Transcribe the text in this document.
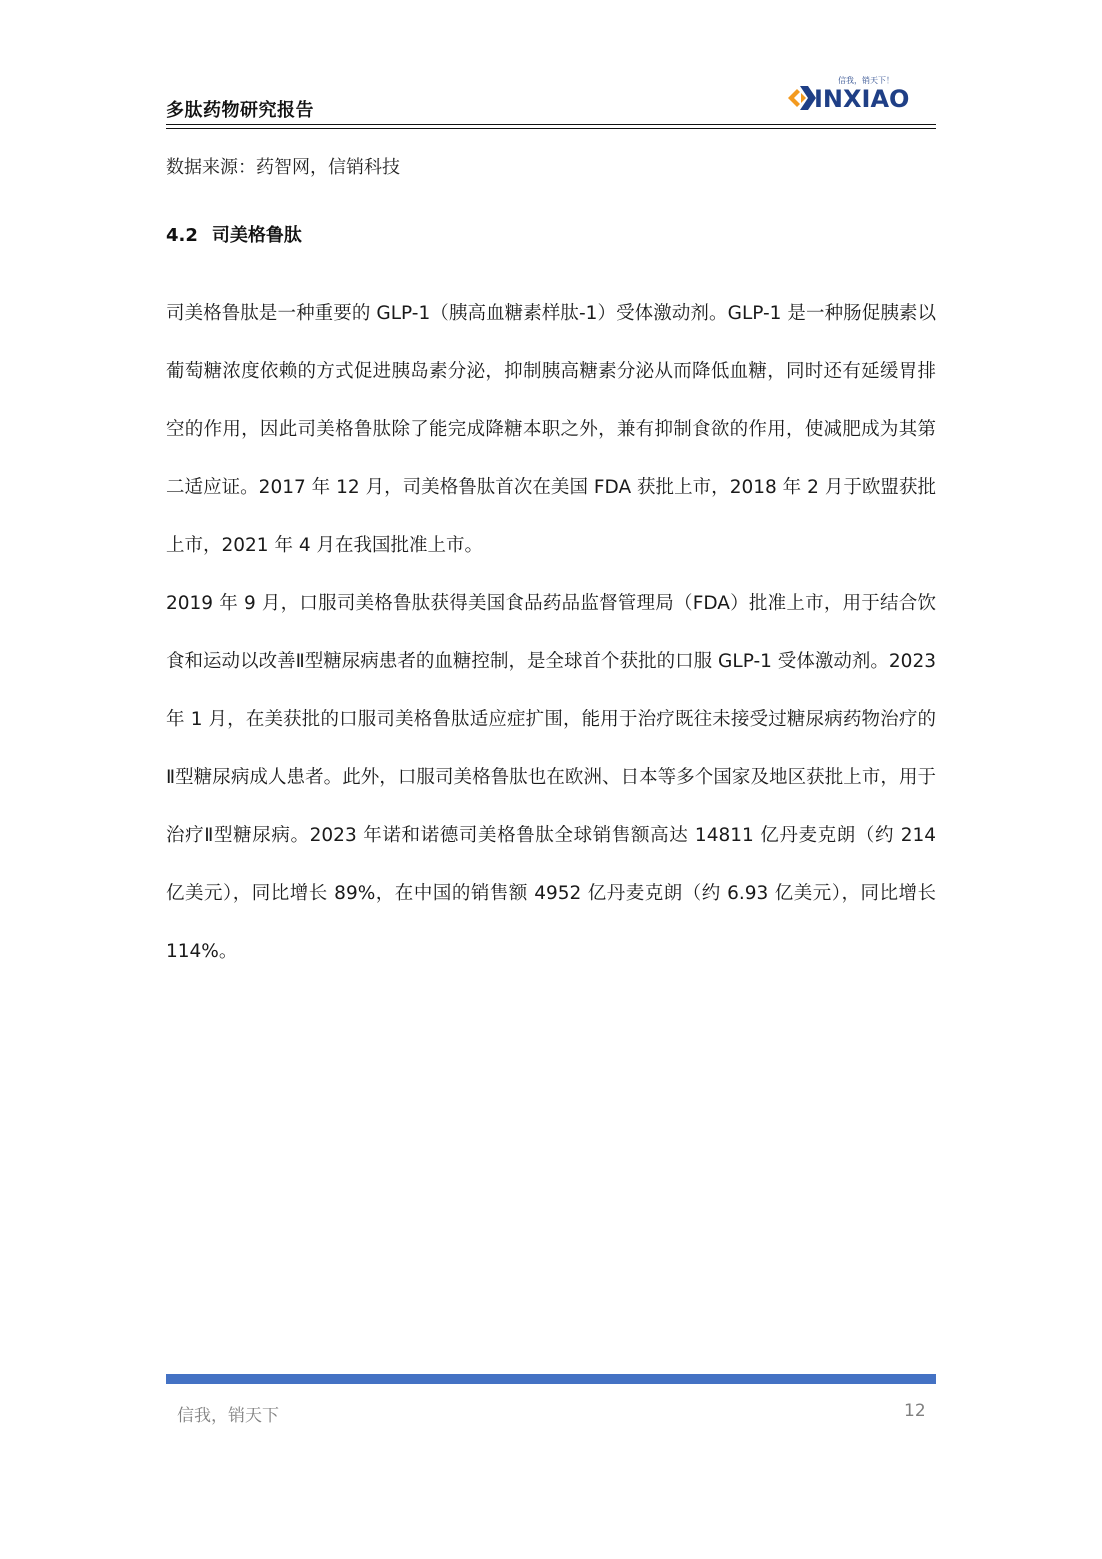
多肽药物研究报告
信我，销天下！
INXIAO
数据来源：药智网，信销科技
4.2 司美格鲁肽

司美格鲁肽是一种重要的 GLP-1（胰高血糖素样肽-1）受体激动剂。GLP-1 是一种肠促胰素以葡萄糖浓度依赖的方式促进胰岛素分泌，抑制胰高糖素分泌从而降低血糖，同时还有延缓胃排空的作用，因此司美格鲁肽除了能完成降糖本职之外，兼有抑制食欲的作用，使减肥成为其第二适应证。2017 年 12 月，司美格鲁肽首次在美国 FDA 获批上市，2018 年 2 月于欧盟获批上市，2021 年 4 月在我国批准上市。

2019 年 9 月，口服司美格鲁肽获得美国食品药品监督管理局（FDA）批准上市，用于结合饮食和运动以改善Ⅱ型糖尿病患者的血糖控制，是全球首个获批的口服 GLP-1 受体激动剂。2023 年 1 月，在美获批的口服司美格鲁肽适应症扩围，能用于治疗既往未接受过糖尿病药物治疗的Ⅱ型糖尿病成人患者。此外，口服司美格鲁肽也在欧洲、日本等多个国家及地区获批上市，用于治疗Ⅱ型糖尿病。2023 年诺和诺德司美格鲁肽全球销售额高达 14811 亿丹麦克朗（约 214 亿美元），同比增长 89%，在中国的销售额 4952 亿丹麦克朗（约 6.93 亿美元），同比增长 114%。

信我，销天下	12
